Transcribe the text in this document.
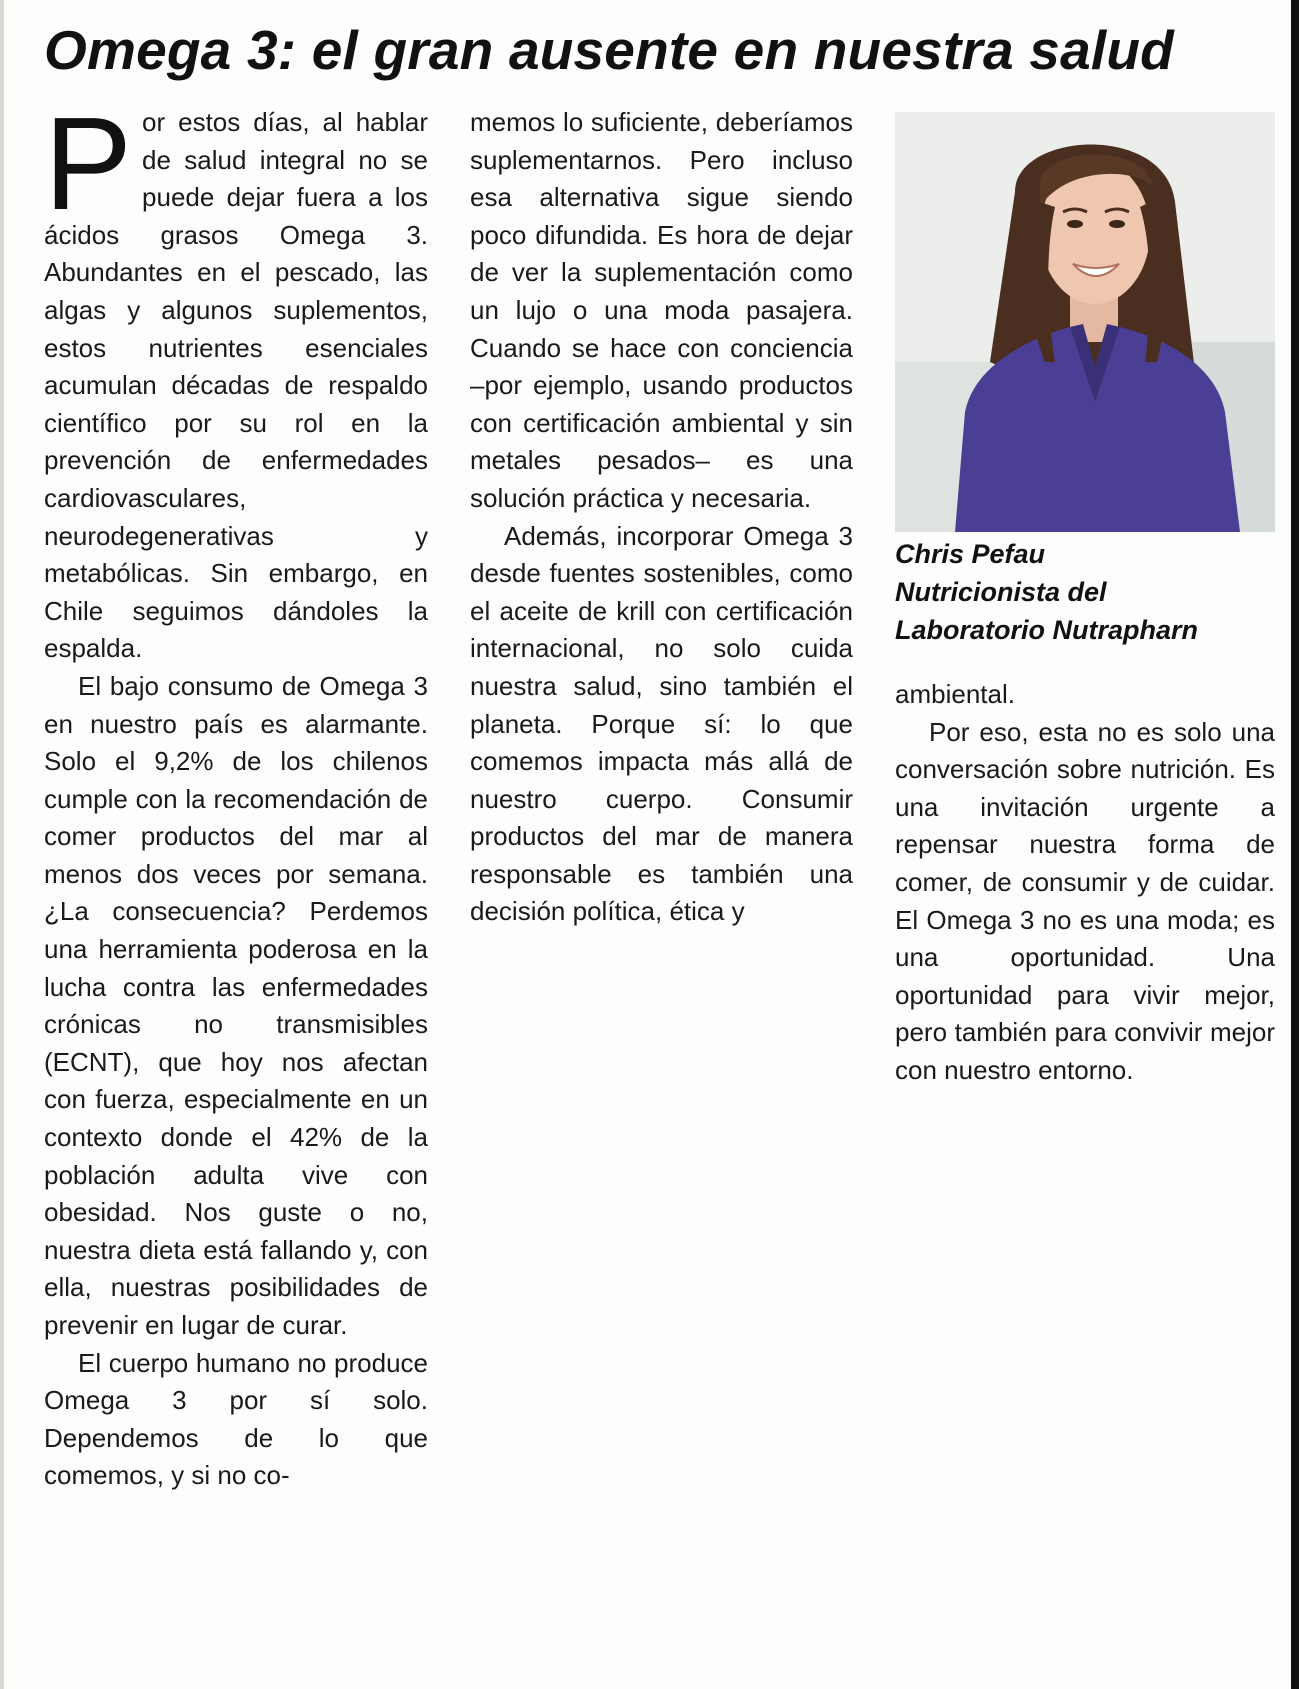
Omega 3: el gran ausente en nuestra salud

Por estos días, al hablar de salud integral no se puede dejar fuera a los ácidos grasos Omega 3. Abundantes en el pescado, las algas y algunos suplementos, estos nutrientes esenciales acumulan décadas de respaldo científico por su rol en la prevención de enfermedades cardiovasculares, neurodegenerativas y metabólicas. Sin embargo, en Chile seguimos dándoles la espalda.

El bajo consumo de Omega 3 en nuestro país es alarmante. Solo el 9,2% de los chilenos cumple con la recomendación de comer productos del mar al menos dos veces por semana. ¿La consecuencia? Perdemos una herramienta poderosa en la lucha contra las enfermedades crónicas no transmisibles (ECNT), que hoy nos afectan con fuerza, especialmente en un contexto donde el 42% de la población adulta vive con obesidad. Nos guste o no, nuestra dieta está fallando y, con ella, nuestras posibilidades de prevenir en lugar de curar.

El cuerpo humano no produce Omega 3 por sí solo. Dependemos de lo que comemos, y si no co-

memos lo suficiente, deberíamos suplementarnos. Pero incluso esa alternativa sigue siendo poco difundida. Es hora de dejar de ver la suplementación como un lujo o una moda pasajera. Cuando se hace con conciencia –por ejemplo, usando productos con certificación ambiental y sin metales pesados– es una solución práctica y necesaria.

Además, incorporar Omega 3 desde fuentes sostenibles, como el aceite de krill con certificación internacional, no solo cuida nuestra salud, sino también el planeta. Porque sí: lo que comemos impacta más allá de nuestro cuerpo. Consumir productos del mar de manera responsable es también una decisión política, ética y

Chris Pefau
Nutricionista del
Laboratorio Nutrapharn

ambiental.

Por eso, esta no es solo una conversación sobre nutrición. Es una invitación urgente a repensar nuestra forma de comer, de consumir y de cuidar. El Omega 3 no es una moda; es una oportunidad. Una oportunidad para vivir mejor, pero también para convivir mejor con nuestro entorno.
